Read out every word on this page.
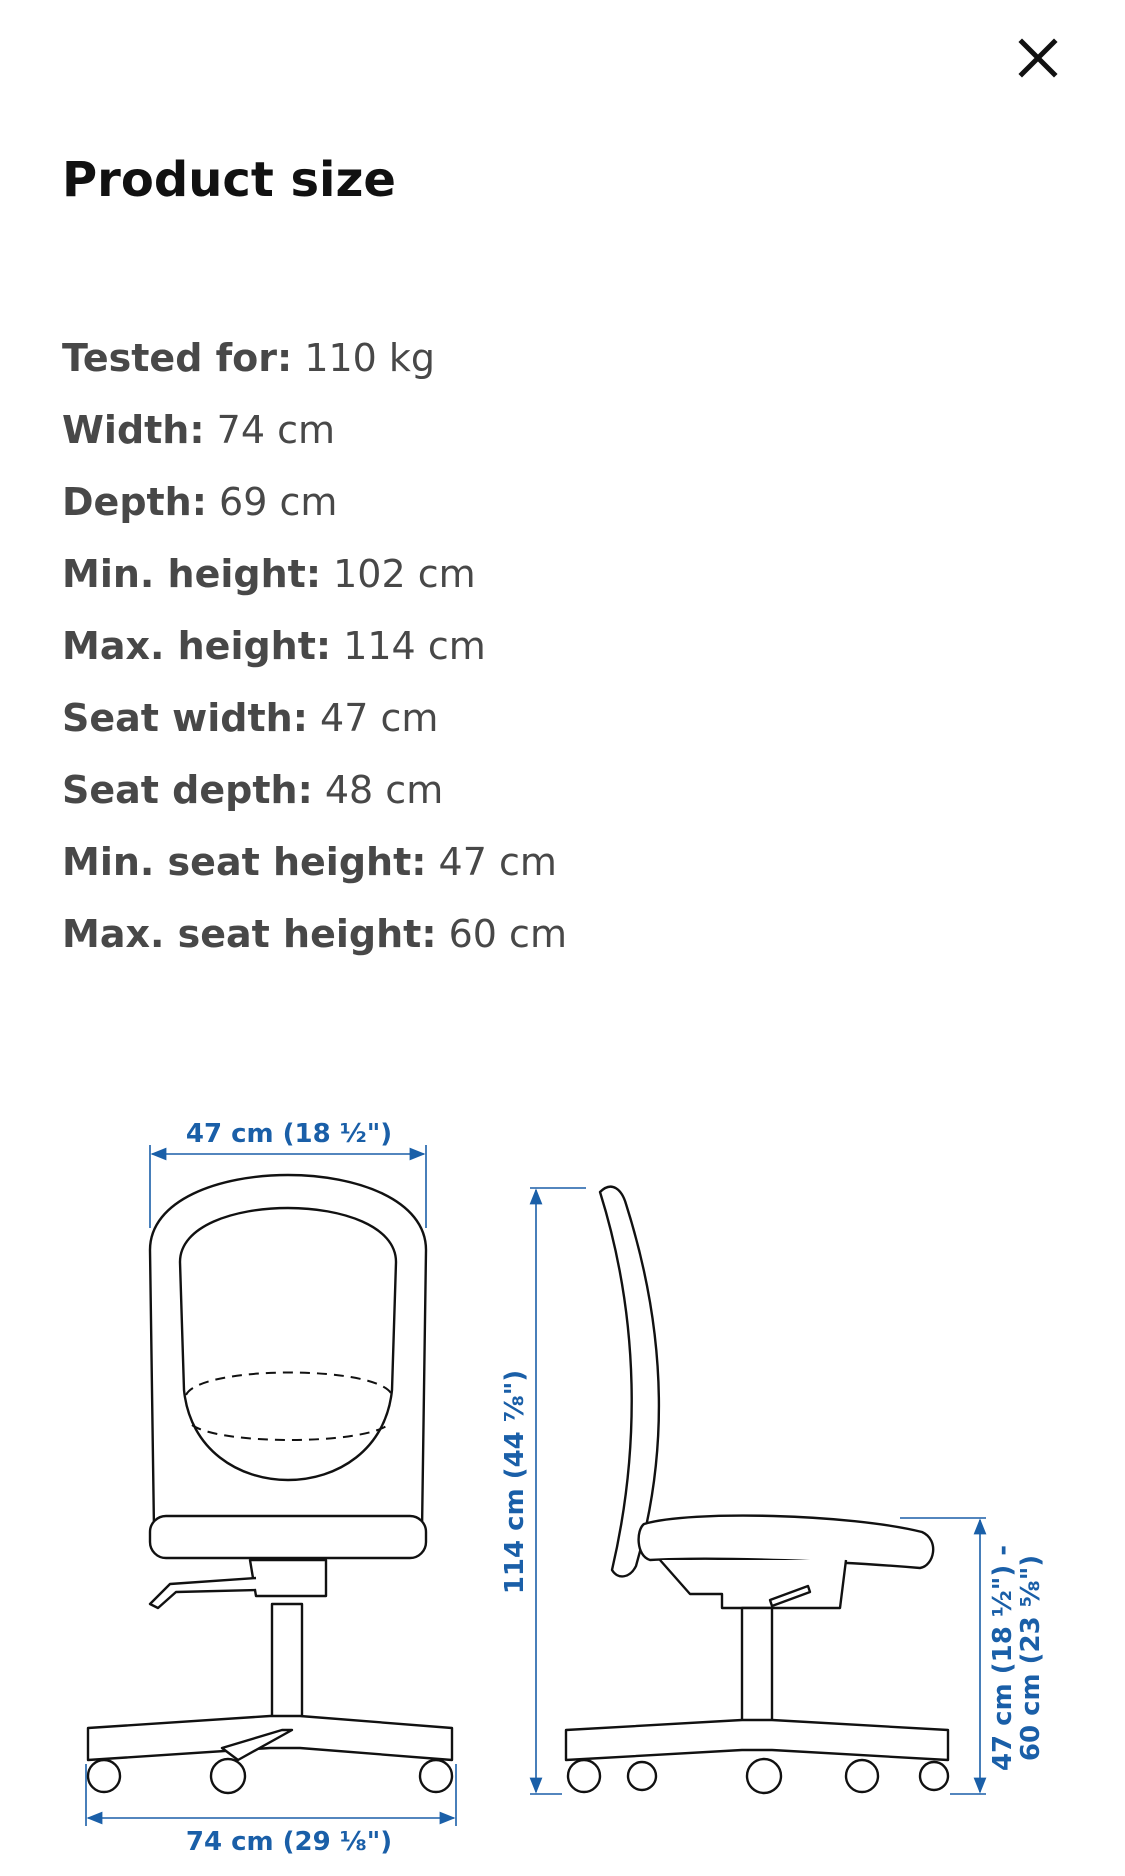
Product size
Tested for: 110 kg
Width: 74 cm
Depth: 69 cm
Min. height: 102 cm
Max. height: 114 cm
Seat width: 47 cm
Seat depth: 48 cm
Min. seat height: 47 cm
Max. seat height: 60 cm
47 cm (18 ½")
74 cm (29 ⅛")
114 cm (44 ⅞")
47 cm (18 ½") -
60 cm (23 ⅝")
